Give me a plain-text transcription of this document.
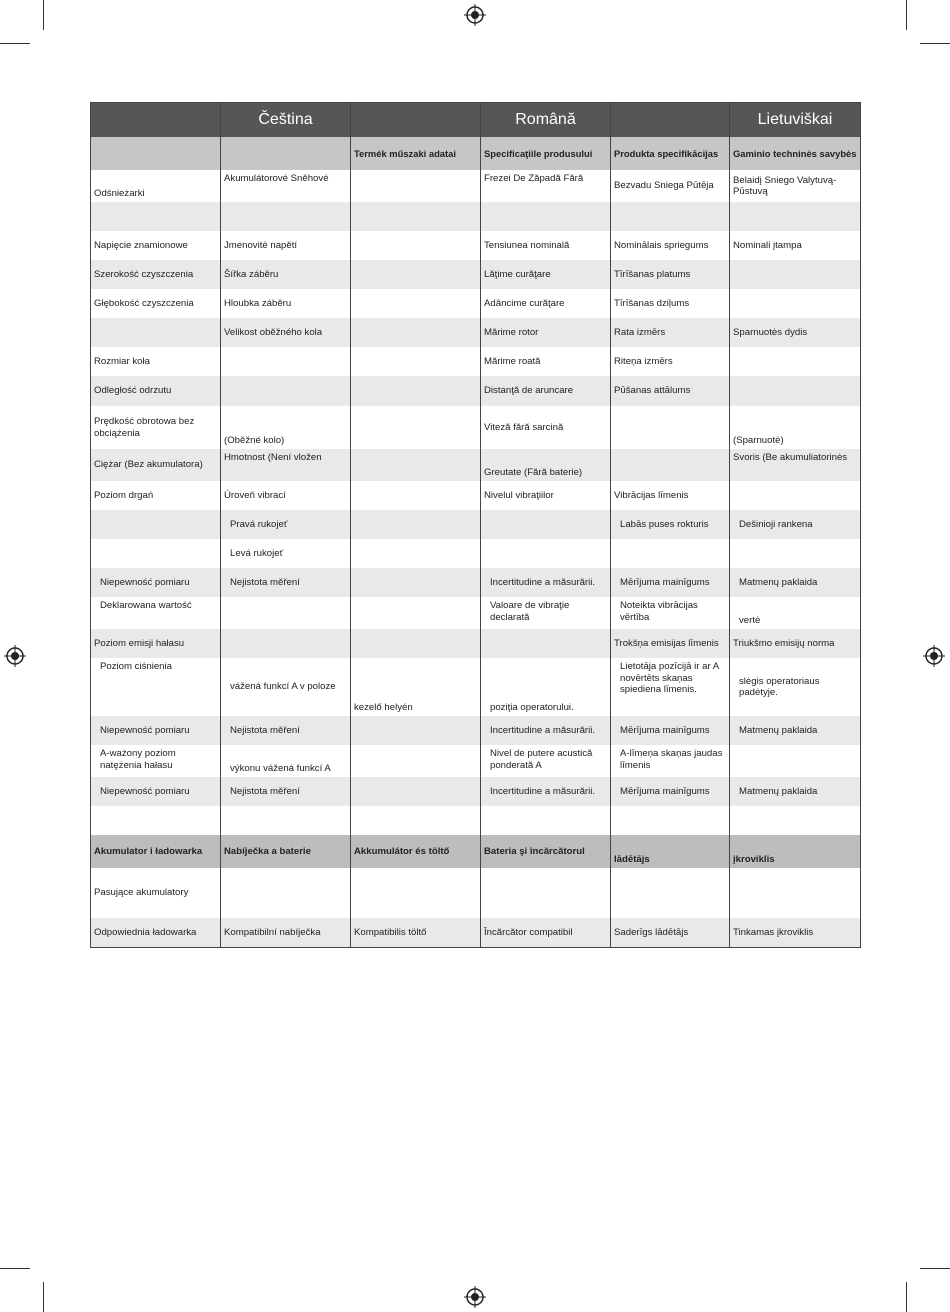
	Čeština		Română		Lietuviškai
		Termék műszaki adatai	Specificaţiile produsului	Produkta specifikācijas	Gaminio techninės savybės
Odśnieżarki	Akumulátorové Sněhové		Frezei De Zăpadă Fără	Bezvadu Sniega Pūtēja	Belaidį Sniego Valytuvą-Pūstuvą

Napięcie znamionowe	Jmenovité napětí		Tensiunea nominală	Nominālais spriegums	Nominali įtampa
Szerokość czyszczenia	Šířka záběru		Lăţime curăţare	Tīrīšanas platums	
Głębokość czyszczenia	Hloubka záběru		Adâncime curăţare	Tīrīšanas dziļums	
	Velikost oběžného kola		Mărime rotor	Rata izmērs	Sparnuotės dydis
Rozmiar koła			Mărime roată	Riteņa izmērs	
Odległość odrzutu			Distanţă de aruncare	Pūšanas attālums	
Prędkość obrotowa bez obciążenia	(Oběžné kolo)		Viteză fără sarcină		(Sparnuotė)
Ciężar (Bez akumulatora)	Hmotnost (Není vložen		Greutate (Fără baterie)		Svoris (Be akumuliatorinės
Poziom drgań	Úroveň vibrací		Nivelul vibraţiilor	Vibrācijas līmenis	
	Pravá rukojeť			Labās puses rokturis	Dešinioji rankena
	Levá rukojeť				
Niepewność pomiaru	Nejistota měření		Incertitudine a măsurării.	Mērījuma mainīgums	Matmenų paklaida
Deklarowana wartość			Valoare de vibraţie declarată	Noteikta vibrācijas vērtība	vertė
Poziom emisji hałasu				Trokšņa emisijas līmenis	Triukšmo emisijų norma
Poziom ciśnienia	vážená funkcí A v poloze	kezelő helyén	poziţia operatorului.	Lietotāja pozīcijā ir ar A novērtēts skaņas spiediena līmenis.	slėgis operatoriaus padėtyje.
Niepewność pomiaru	Nejistota měření		Incertitudine a măsurării.	Mērījuma mainīgums	Matmenų paklaida
A-ważony poziom natężenia hałasu	výkonu vážená funkcí A		Nivel de putere acustică ponderată A	A-līmeņa skaņas jaudas līmenis	
Niepewność pomiaru	Nejistota měření		Incertitudine a măsurării.	Mērījuma mainīgums	Matmenų paklaida

Akumulator i ładowarka	Nabíječka a baterie	Akkumulátor és töltő	Bateria şi încărcătorul	lādētājs	įkroviklis
Pasujące akumulatory					
Odpowiednia ładowarka	Kompatibilní nabíječka	Kompatibilis töltő	Încărcător compatibil	Saderīgs lādētājs	Tinkamas įkroviklis
